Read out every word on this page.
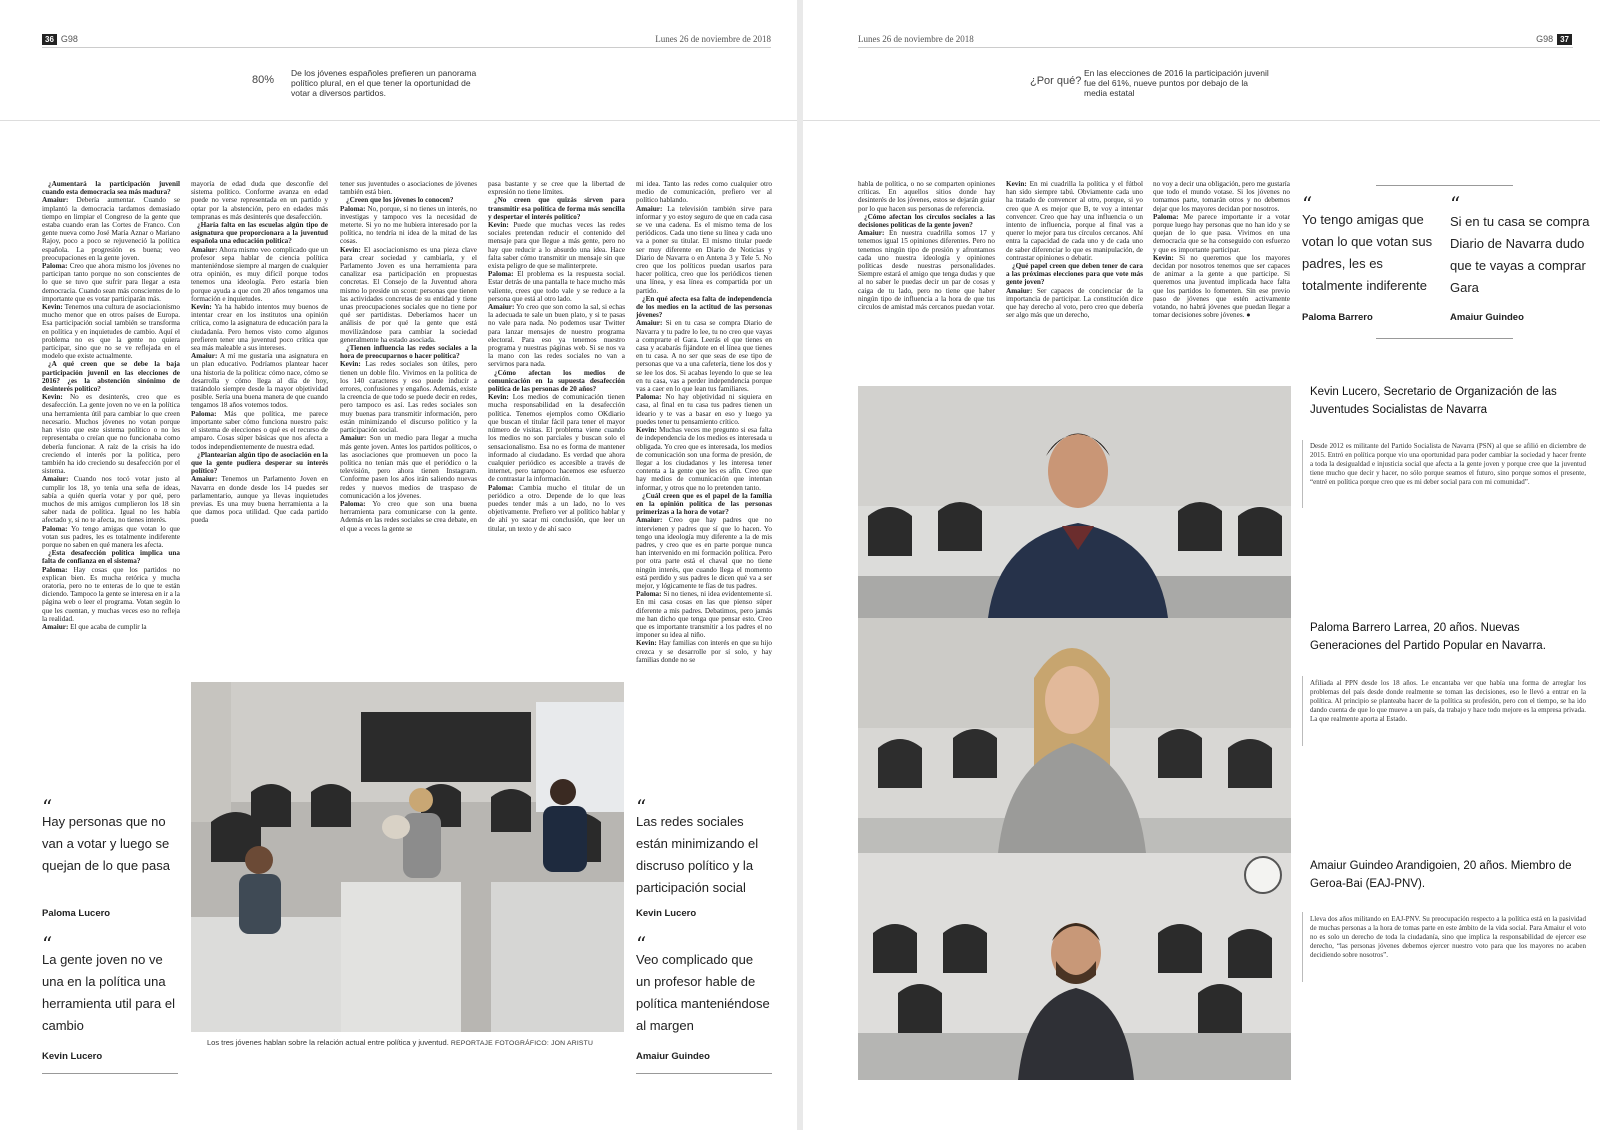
36 G98	Lunes 26 de noviembre de 2018
80%
De los jóvenes españoles prefieren un panorama político plural, en el que tener la oportunidad de votar a diversos partidos.

¿Aumentará la participación juvenil cuando esta democracia sea más madura?

Amaiur: Debería aumentar. Cuando se implantó la democracia tardamos demasiado tiempo en limpiar el Congreso de la gente que estaba cuando eran las Cortes de Franco. Con gente nueva como José María Aznar o Mariano Rajoy, poco a poco se rejuveneció la política española. La progresión es buena; veo preocupaciones en la gente joven.

Paloma: Creo que ahora mismo los jóvenes no participan tanto porque no son conscientes de lo que se tuvo que sufrir para llegar a esta democracia. Cuando sean más conscientes de lo importante que es votar participarán más.

Kevin: Tenemos una cultura de asociacionismo mucho menor que en otros países de Europa. Esa participación social también se transforma en política y en inquietudes de cambio. Aquí el problema no es que la gente no quiera participar, sino que no se ve reflejada en el modelo que existe actualmente.

¿A qué creen que se debe la baja participación juvenil en las elecciones de 2016? ¿es la abstención sinónimo de desinterés político?

Kevin: No es desinterés, creo que es desafección. La gente joven no ve en la política una herramienta útil para cambiar lo que creen necesario. Muchos jóvenes no votan porque han visto que este sistema político o no les representaba o creían que no funcionaba como debería funcionar. A raíz de la crisis ha ido creciendo el interés por la política, pero también ha ido creciendo su desafección por el sistema.

Amaiur: Cuando nos tocó votar justo al cumplir los 18, yo tenía una seña de ideas, sabía a quién quería votar y por qué, pero muchos de mis amigos cumplieron los 18 sin saber nada de política. Igual no les había afectado y, si no te afecta, no tienes interés.

Paloma: Yo tengo amigas que votan lo que votan sus padres, les es totalmente indiferente porque no saben en qué manera les afecta.

¿Esta desafección política implica una falta de confianza en el sistema?

Paloma: Hay cosas que los partidos no explican bien. Es mucha retórica y mucha oratoria, pero no te enteras de lo que te están diciendo. Tampoco la gente se interesa en ir a la página web o leer el programa. Votan según lo que les cuentan, y muchas veces eso no refleja la realidad.

Amaiur: El que acaba de cumplir la

mayoría de edad duda que desconfíe del sistema político. Conforme avanza en edad puede no verse representada en un partido y optar por la abstención, pero en edades más tempranas es más desinterés que desafección.

¿Haría falta en las escuelas algún tipo de asignatura que proporcionara a la juventud española una educación política?

Amaiur: Ahora mismo veo complicado que un profesor sepa hablar de ciencia política manteniéndose siempre al margen de cualquier otra opinión, es muy difícil porque todos tenemos una ideología. Pero estaría bien porque ayuda a que con 20 años tengamos una formación e inquietudes.

Kevin: Ya ha habido intentos muy buenos de intentar crear en los institutos una opinión crítica, como la asignatura de educación para la ciudadanía. Pero hemos visto como algunos prefieren tener una juventud poco crítica que sea más maleable a sus intereses.

Amaiur: A mí me gustaría una asignatura en un plan educativo. Podríamos plantear hacer una historia de la política: cómo nace, cómo se desarrolla y cómo llega al día de hoy, tratándolo siempre desde la mayor objetividad posible. Sería una buena manera de que cuando tengamos 18 años votemos todos.

Paloma: Más que política, me parece importante saber cómo funciona nuestro país: el sistema de elecciones o qué es el recurso de amparo. Cosas súper básicas que nos afecta a todos independientemente de nuestra edad.

¿Plantearían algún tipo de asociación en la que la gente pudiera desperar su interés político?

Amaiur: Tenemos un Parlamento Joven en Navarra en donde desde los 14 puedes ser parlamentario, aunque ya llevas inquietudes previas. Es una muy buena herramienta a la que damos poca utilidad. Que cada partido pueda

tener sus juventudes o asociaciones de jóvenes también está bien.

¿Creen que los jóvenes lo conocen?

Paloma: No, porque, si no tienes un interés, no investigas y tampoco ves la necesidad de meterte. Si yo no me hubiera interesado por la política, no tendría ni idea de la mitad de las cosas.

Kevin: El asociacionismo es una pieza clave para crear sociedad y cambiarla, y el Parlamento Joven es una herramienta para canalizar esa participación en propuestas concretas. El Consejo de la Juventud ahora mismo lo preside un scout: personas que tienen las actividades concretas de su entidad y tiene unas preocupaciones sociales que no tiene por qué ser partidistas. Deberíamos hacer un análisis de por qué la gente que está movilizándose para cambiar la sociedad generalmente ha estado asociada.

¿Tienen influencia las redes sociales a la hora de preocuparnos o hacer política?

Kevin: Las redes sociales son útiles, pero tienen un doble filo. Vivimos en la política de los 140 caracteres y eso puede inducir a errores, confusiones y engaños. Además, existe la creencia de que todo se puede decir en redes, pero tampoco es así. Las redes sociales son muy buenas para transmitir información, pero están minimizando el discurso político y la participación social.

Amaiur: Son un medio para llegar a mucha más gente joven. Antes los partidos políticos, o las asociaciones que promueven un poco la política no tenían más que el periódico o la televisión, pero ahora tienen Instagram. Conforme pasen los años irán saliendo nuevas redes y nuevos medios de traspaso de comunicación a los jóvenes.

Paloma: Yo creo que son una buena herramienta para comunicarse con la gente. Además en las redes sociales se crea debate, en el que a veces la gente se

pasa bastante y se cree que la libertad de expresión no tiene límites.

¿No creen que quizás sirven para transmitir esa política de forma más sencilla y despertar el interés político?

Kevin: Puede que muchas veces las redes sociales pretendan reducir el contenido del mensaje para que llegue a más gente, pero no hay que reducir a lo absurdo una idea. Hace falta saber cómo transmitir un mensaje sin que exista peligro de que se malinterprete.

Paloma: El problema es la respuesta social. Estar detrás de una pantalla te hace mucho más valiente, crees que todo vale y se reduce a la persona que está al otro lado.

Amaiur: Yo creo que son como la sal, si echas la adecuada te sale un buen plato, y si te pasas no vale para nada. No podemos usar Twitter para lanzar mensajes de nuestro programa electoral. Para eso ya tenemos nuestro programa y nuestras páginas web. Si se nos va la mano con las redes sociales no van a servirnos para nada.

¿Cómo afectan los medios de comunicación en la supuesta desafección política de las personas de 20 años?

Kevin: Los medios de comunicación tienen mucha responsabilidad en la desafección política. Tenemos ejemplos como OKdiario que buscan el titular fácil para tener el mayor número de visitas. El problema viene cuando los medios no son parciales y buscan solo el sensacionalismo. Esa no es forma de mantener informado al ciudadano. Es verdad que ahora cualquier periódico es accesible a través de internet, pero tampoco hacemos ese esfuerzo de contrastar la información.

Paloma: Cambia mucho el titular de un periódico a otro. Depende de lo que leas puedes tender más a un lado, no lo ves objetivamente. Prefiero ver al político hablar y de ahí yo sacar mi conclusión, que leer un titular, un texto y de ahí saco

mi idea. Tanto las redes como cualquier otro medio de comunicación, prefiero ver al político hablando.

Amaiur: La televisión también sirve para informar y yo estoy seguro de que en cada casa se ve una cadena. Es el mismo tema de los periódicos. Cada uno tiene su línea y cada uno va a poner su titular. El mismo titular puede ser muy diferente en Diario de Noticias y Diario de Navarra o en Antena 3 y Tele 5. No creo que los políticos puedan usarlos para hacer política, creo que los periódicos tienen una línea, y esa línea es compartida por un partido.

¿En qué afecta esa falta de independencia de los medios en la actitud de las personas jóvenes?

Amaiur: Si en tu casa se compra Diario de Navarra y tu padre lo lee, tu no creo que vayas a comprarte el Gara. Leerás el que tienes en casa y acabarás fijándote en el línea que tienes en tu casa. A no ser que seas de ese tipo de personas que va a una cafetería, tiene los dos y se lee los dos. Si acabas leyendo lo que se lea en tu casa, vas a perder independencia porque vas a caer en lo que lean tus familiares.

Paloma: No hay objetividad ni siquiera en casa, al final en tu casa tus padres tienen un ideario y te vas a basar en eso y luego ya puedes tener tu pensamiento crítico.

Kevin: Muchas veces me pregunto si esa falta de independencia de los medios es interesada u obligada. Yo creo que es interesada, los medios de comunicación son una forma de presión, de llegar a los ciudadanos y les interesa tener contenta a la gente que les es afín. Creo que hay medios de comunicación que intentan informar, y otros que no lo pretenden tanto.

¿Cuál creen que es el papel de la familia en la opinión política de las personas primerizas a la hora de votar?

Amaiur: Creo que hay padres que no intervienen y padres que sí que lo hacen. Yo tengo una ideología muy diferente a la de mis padres, y creo que es en parte porque nunca han intervenido en mi formación política. Pero por otra parte está el chaval que no tiene ningún interés, que cuando llega el momento está perdido y sus padres le dicen qué va a ser mejor, y lógicamente te fías de tus padres.

Paloma: Si no tienes, ni idea evidentemente sí. En mi casa cosas en las que pienso súper diferente a mis padres. Debatimos, pero jamás me han dicho que tenga que pensar esto. Creo que es importante transmitir a los padres el no imponer su idea al niño.

Kevin: Hay familias con interés en que su hijo crezca y se desarrolle por sí solo, y hay familias donde no se

“
Hay personas que no van a votar y luego se quejan de lo que pasa
Paloma Lucero
“
La gente joven no ve una en la política una herramienta util para el cambio
Kevin Lucero
“
Las redes sociales están minimizando el discruso político y la participación social
Kevin Lucero
“
Veo complicado que un profesor hable de política manteniéndose al margen
Amaiur Guindeo
Los tres jóvenes hablan sobre la relación actual entre política y juventud. REPORTAJE FOTOGRÁFICO: JON ARISTU
Lunes 26 de noviembre de 2018	G98 37
¿Por qué?
En las elecciones de 2016 la participación juvenil fue del 61%, nueve puntos por debajo de la media estatal

habla de política, o no se comparten opiniones críticas. En aquellos sitios donde hay desinterés de los jóvenes, estos se dejarán guiar por lo que hacen sus personas de referencia.

¿Cómo afectan los círculos sociales a las decisiones políticas de la gente joven?

Amaiur: En nuestra cuadrilla somos 17 y tenemos igual 15 opiniones diferentes. Pero no tenemos ningún tipo de presión y afrontamos cada uno nuestra ideología y opiniones políticas desde nuestras personalidades. Siempre estará el amigo que tenga dudas y que al no saber le puedas decir un par de cosas y caiga de tu lado, pero no tiene que haber ningún tipo de influencia a la hora de que tus círculos de amistad más cercanos puedan votar.

Kevin: En mi cuadrilla la política y el fútbol han sido siempre tabú. Obviamente cada uno ha tratado de convencer al otro, porque, si yo creo que A es mejor que B, te voy a intentar convencer. Creo que hay una influencia o un intento de influencia, porque al final vas a querer lo mejor para tus círculos cercanos. Ahí entra la capacidad de cada uno y de cada uno de saber diferenciar lo que es manipulación, de contrastar opiniones o debatir.

¿Qué papel creen que deben tener de cara a las próximas elecciones para que vote más gente joven?

Amaiur: Ser capaces de concienciar de la importancia de participar. La constitución dice que hay derecho al voto, pero creo que debería ser algo más que un derecho,

no voy a decir una obligación, pero me gustaría que todo el mundo votase. Si los jóvenes no tomamos parte, tomarán otros y no debemos dejar que los mayores decidan por nosotros.

Paloma: Me parece importante ir a votar porque luego hay personas que no han ido y se quejan de lo que pasa. Vivimos en una democracia que se ha conseguido con esfuerzo y que es importante participar.

Kevin: Si no queremos que los mayores decidan por nosotros tenemos que ser capaces de animar a la gente a que participe. Si queremos una juventud implicada hace falta que los partidos lo fomenten. Sin ese previo paso de jóvenes que estén activamente votando, no habrá jóvenes que puedan llegar a tomar decisiones sobre jóvenes. ●

“
Yo tengo amigas que votan lo que votan sus padres, les es totalmente indiferente
Paloma Barrero
“
Si en tu casa se compra Diario de Navarra dudo que te vayas a comprar Gara
Amaiur Guindeo
Kevin Lucero, Secretario de Organización de las Juventudes Socialistas de Navarra
Desde 2012 es militante del Partido Socialista de Navarra (PSN) al que se afilió en diciembre de 2015. Entró en política porque vio una oportunidad para poder cambiar la sociedad y hacer frente a toda la desigualdad e injusticia social que afecta a la gente joven y porque cree que la juventud tiene mucho que decir y hacer, no sólo porque seamos el futuro, sino porque somos el presente, “entré en política porque creo que es mi deber social para con mi comunidad”.
Paloma Barrero Larrea, 20 años. Nuevas Generaciones del Partido Popular en Navarra.
Afiliada al PPN desde los 18 años. Le encantaba ver que había una forma de arreglar los problemas del país desde donde realmente se toman las decisiones, eso le llevó a entrar en la política. Al principio se planteaba hacer de la política su profesión, pero con el tiempo, se ha ido dando cuenta de que lo que mueve a un país, da trabajo y hace todo mejore es la empresa privada. La que realmente aporta al Estado.
Amaiur Guindeo Arandigoien, 20 años. Miembro de Geroa-Bai (EAJ-PNV).
Lleva dos años militando en EAJ-PNV. Su preocupación respecto a la política está en la pasividad de muchas personas a la hora de tomas parte en este ámbito de la vida social. Para Amaiur el voto no es solo un derecho de toda la ciudadanía, sino que implica la responsabilidad de ejercer ese derecho, “las personas jóvenes debemos ejercer nuestro voto para que los mayores no acaben decidiendo sobre nosotros”.
